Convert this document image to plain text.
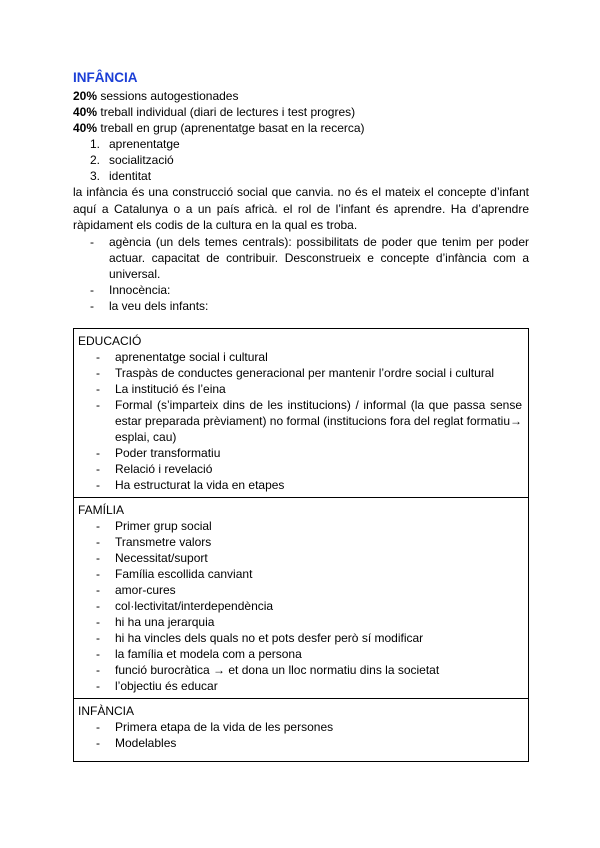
INFÂNCIA

20% sessions autogestionades

40% treball individual (diari de lectures i test progres)

40% treball en grup (aprenentatge basat en la recerca)

1. aprenentatge
2. socialització
3. identitat

la infància és una construcció social que canvia. no és el mateix el concepte d’infant aquí a Catalunya o a un país africà. el rol de l’infant és aprendre. Ha d’aprendre ràpidament els codis de la cultura en la qual es troba.

- agència (un dels temes centrals): possibilitats de poder que tenim per poder actuar. capacitat de contribuir. Desconstrueix e concepte d’infància com a universal.
- Innocència:
- la veu dels infants:
EDUCACIÓ
- aprenentatge social i cultural
- Traspàs de conductes generacional per mantenir l’ordre social i cultural
- La institució és l’eina
- Formal (s’imparteix dins de les institucions) / informal (la que passa sense estar preparada prèviament) no formal (institucions fora del reglat formatiu→ esplai, cau)
- Poder transformatiu
- Relació i revelació
- Ha estructurat la vida en etapes
FAMÍLIA
- Primer grup social
- Transmetre valors
- Necessitat/suport
- Família escollida canviant
- amor-cures
- col·lectivitat/interdependència
- hi ha una jerarquia
- hi ha vincles dels quals no et pots desfer però sí modificar
- la família et modela com a persona
- funció burocràtica → et dona un lloc normatiu dins la societat
- l’objectiu és educar
INFÀNCIA
- Primera etapa de la vida de les persones
- Modelables
